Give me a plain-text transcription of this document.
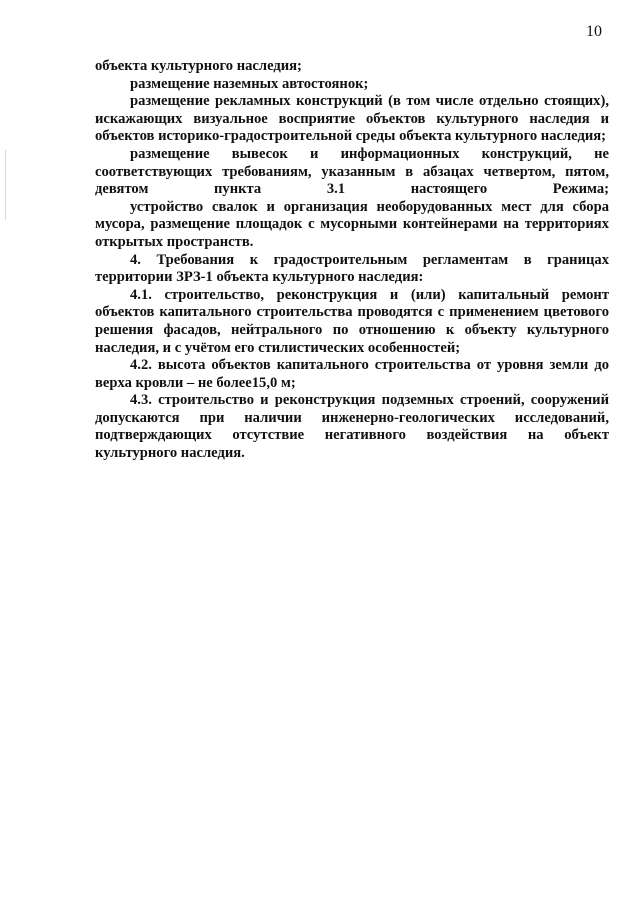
10

объекта культурного наследия;

размещение наземных автостоянок;

размещение рекламных конструкций (в том числе отдельно стоящих), искажающих визуальное восприятие объектов культурного наследия и объектов историко-градостроительной среды объекта культурного наследия;

размещение вывесок и информационных конструкций, не соответствующих требованиям, указанным в абзацах четвертом, пятом, девятом пункта 3.1 настоящего Режима;

устройство свалок и организация необорудованных мест для сбора мусора, размещение площадок с мусорными контейнерами на территориях открытых пространств.

4. Требования к градостроительным регламентам в границах территории ЗРЗ-1 объекта культурного наследия:

4.1. строительство, реконструкция и (или) капитальный ремонт объектов капитального строительства проводятся с применением цветового решения фасадов, нейтрального по отношению к объекту культурного наследия, и с учётом его стилистических особенностей;

4.2. высота объектов капитального строительства от уровня земли до верха кровли – не более15,0 м;

4.3. строительство и реконструкция подземных строений, сооружений допускаются при наличии инженерно-геологических исследований, подтверждающих отсутствие негативного воздействия на объект культурного наследия.
